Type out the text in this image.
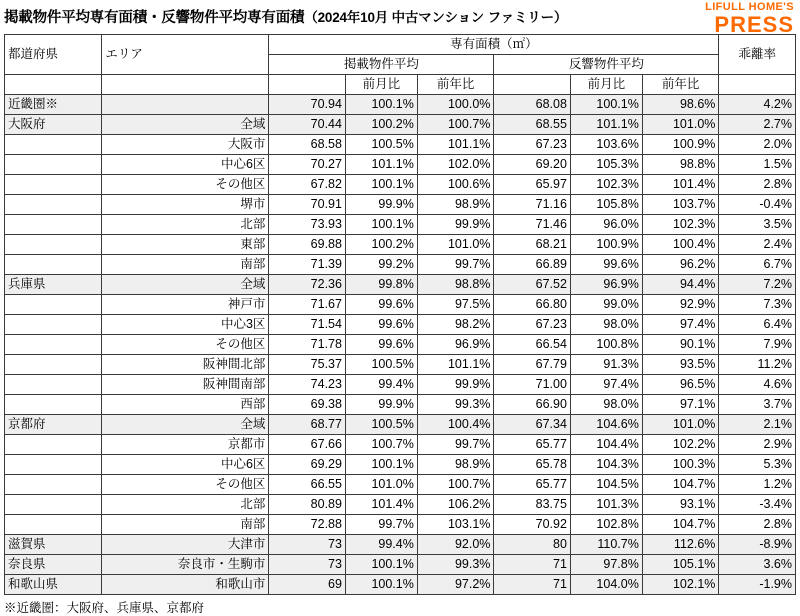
掲載物件平均専有面積・反響物件平均専有面積（2024年10月 中古マンション ファミリー）
LIFULL HOME'S
PRESS
都道府県	エリア	専有面積（㎡）						乖離率
		掲載物件平均			反響物件平均			
			前月比	前年比		前月比	前年比	
近畿圏※		70.94	100.1%	100.0%	68.08	100.1%	98.6%	4.2%
大阪府	全域	70.44	100.2%	100.7%	68.55	101.1%	101.0%	2.7%
	大阪市	68.58	100.5%	101.1%	67.23	103.6%	100.9%	2.0%
	中心6区	70.27	101.1%	102.0%	69.20	105.3%	98.8%	1.5%
	その他区	67.82	100.1%	100.6%	65.97	102.3%	101.4%	2.8%
	堺市	70.91	99.9%	98.9%	71.16	105.8%	103.7%	-0.4%
	北部	73.93	100.1%	99.9%	71.46	96.0%	102.3%	3.5%
	東部	69.88	100.2%	101.0%	68.21	100.9%	100.4%	2.4%
	南部	71.39	99.2%	99.7%	66.89	99.6%	96.2%	6.7%
兵庫県	全域	72.36	99.8%	98.8%	67.52	96.9%	94.4%	7.2%
	神戸市	71.67	99.6%	97.5%	66.80	99.0%	92.9%	7.3%
	中心3区	71.54	99.6%	98.2%	67.23	98.0%	97.4%	6.4%
	その他区	71.78	99.6%	96.9%	66.54	100.8%	90.1%	7.9%
	阪神間北部	75.37	100.5%	101.1%	67.79	91.3%	93.5%	11.2%
	阪神間南部	74.23	99.4%	99.9%	71.00	97.4%	96.5%	4.6%
	西部	69.38	99.9%	99.3%	66.90	98.0%	97.1%	3.7%
京都府	全域	68.77	100.5%	100.4%	67.34	104.6%	101.0%	2.1%
	京都市	67.66	100.7%	99.7%	65.77	104.4%	102.2%	2.9%
	中心6区	69.29	100.1%	98.9%	65.78	104.3%	100.3%	5.3%
	その他区	66.55	101.0%	100.7%	65.77	104.5%	104.7%	1.2%
	北部	80.89	101.4%	106.2%	83.75	101.3%	93.1%	-3.4%
	南部	72.88	99.7%	103.1%	70.92	102.8%	104.7%	2.8%
滋賀県	大津市	73	99.4%	92.0%	80	110.7%	112.6%	-8.9%
奈良県	奈良市・生駒市	73	100.1%	99.3%	71	97.8%	105.1%	3.6%
和歌山県	和歌山市	69	100.1%	97.2%	71	104.0%	102.1%	-1.9%
※近畿圏：大阪府、兵庫県、京都府
